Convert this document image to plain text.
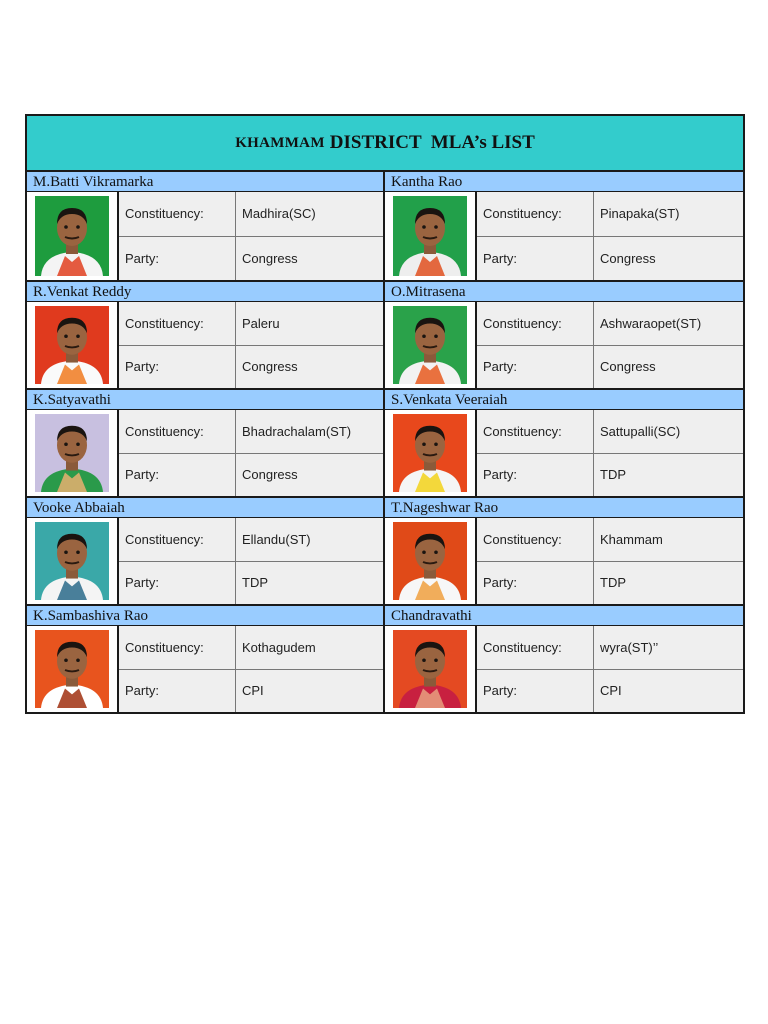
KHAMMAM DISTRICT  MLA’s LIST
M.Batti Vikramarka
Constituency:	Madhira(SC)
Party:	Congress
Kantha Rao
Constituency:	Pinapaka(ST)
Party:	Congress
R.Venkat Reddy
Constituency:	Paleru
Party:	Congress
O.Mitrasena
Constituency:	Ashwaraopet(ST)
Party:	Congress
K.Satyavathi
Constituency:	Bhadrachalam(ST)
Party:	Congress
S.Venkata Veeraiah
Constituency:	Sattupalli(SC)
Party:	TDP
Vooke Abbaiah
Constituency:	Ellandu(ST)
Party:	TDP
T.Nageshwar Rao
Constituency:	Khammam
Party:	TDP
K.Sambashiva Rao
Constituency:	Kothagudem
Party:	CPI
Chandravathi
Constituency:	wyra(ST)’’
Party:	CPI
